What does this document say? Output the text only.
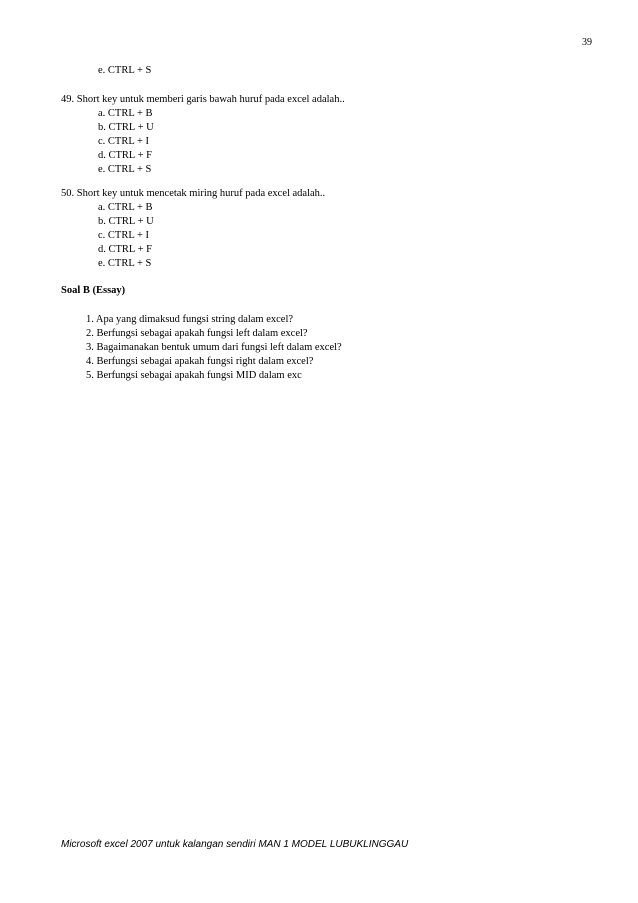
39
e. CTRL + S
49. Short key untuk memberi garis bawah huruf pada excel adalah..
a. CTRL + B
b. CTRL + U
c. CTRL + I
d. CTRL + F
e. CTRL + S
50. Short key untuk mencetak miring huruf pada excel adalah..
a. CTRL + B
b. CTRL + U
c. CTRL + I
d. CTRL + F
e. CTRL + S
Soal B (Essay)
1. Apa yang dimaksud fungsi string dalam excel?
2. Berfungsi sebagai apakah fungsi left dalam excel?
3. Bagaimanakan bentuk umum dari fungsi left dalam excel?
4. Berfungsi sebagai apakah fungsi right dalam excel?
5. Berfungsi sebagai apakah fungsi MID dalam exc
Microsoft excel 2007 untuk kalangan sendiri MAN 1 MODEL LUBUKLINGGAU
